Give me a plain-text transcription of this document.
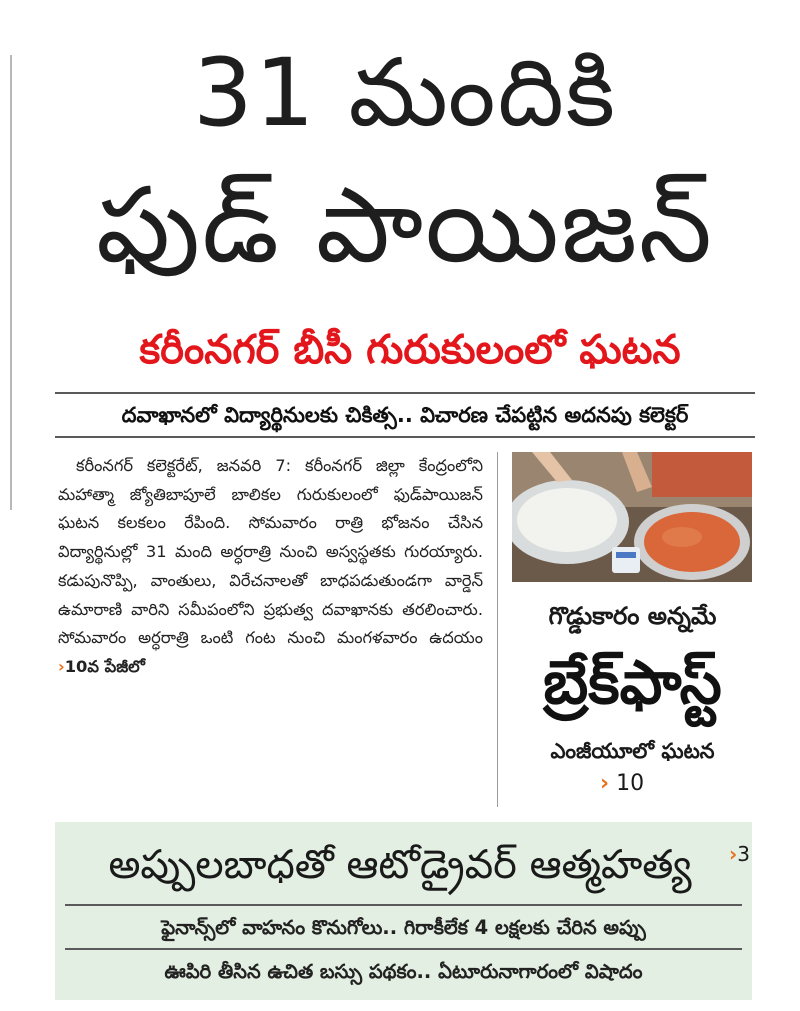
31 మందికి
ఫుడ్ పాయిజన్
కరీంనగర్ బీసీ గురుకులంలో ఘటన
దవాఖానలో విద్యార్థినులకు చికిత్స.. విచారణ చేపట్టిన అదనపు కలెక్టర్
కరీంనగర్ కలెక్టరేట్, జనవరి 7: కరీంనగర్ జిల్లా కేంద్రంలోని మహాత్మా జ్యోతిబాపూలే బాలికల గురుకులంలో ఫుడ్‌పాయిజన్ ఘటన కలకలం రేపింది. సోమవారం రాత్రి భోజనం చేసిన విద్యార్థినుల్లో 31 మంది అర్ధరాత్రి నుంచి అస్వస్థతకు గురయ్యారు. కడుపునొప్పి, వాంతులు, విరేచనాలతో బాధపడుతుండగా వార్డెన్ ఉమారాణి వారిని సమీపంలోని ప్రభుత్వ దవాఖానకు తరలించారు. సోమవారం అర్ధరాత్రి ఒంటి గంట నుంచి మంగళవారం ఉదయం ›10వ పేజీలో
గొడ్డుకారం అన్నమే
బ్రేక్‌ఫాస్ట్
ఎంజీయూలో ఘటన
› 10
అప్పులబాధతో ఆటోడ్రైవర్ ఆత్మహత్య	›3
ఫైనాన్స్‌లో వాహనం కొనుగోలు.. గిరాకీలేక 4 లక్షలకు చేరిన అప్పు
ఊపిరి తీసిన ఉచిత బస్సు పథకం.. ఏటూరునాగారంలో విషాదం
